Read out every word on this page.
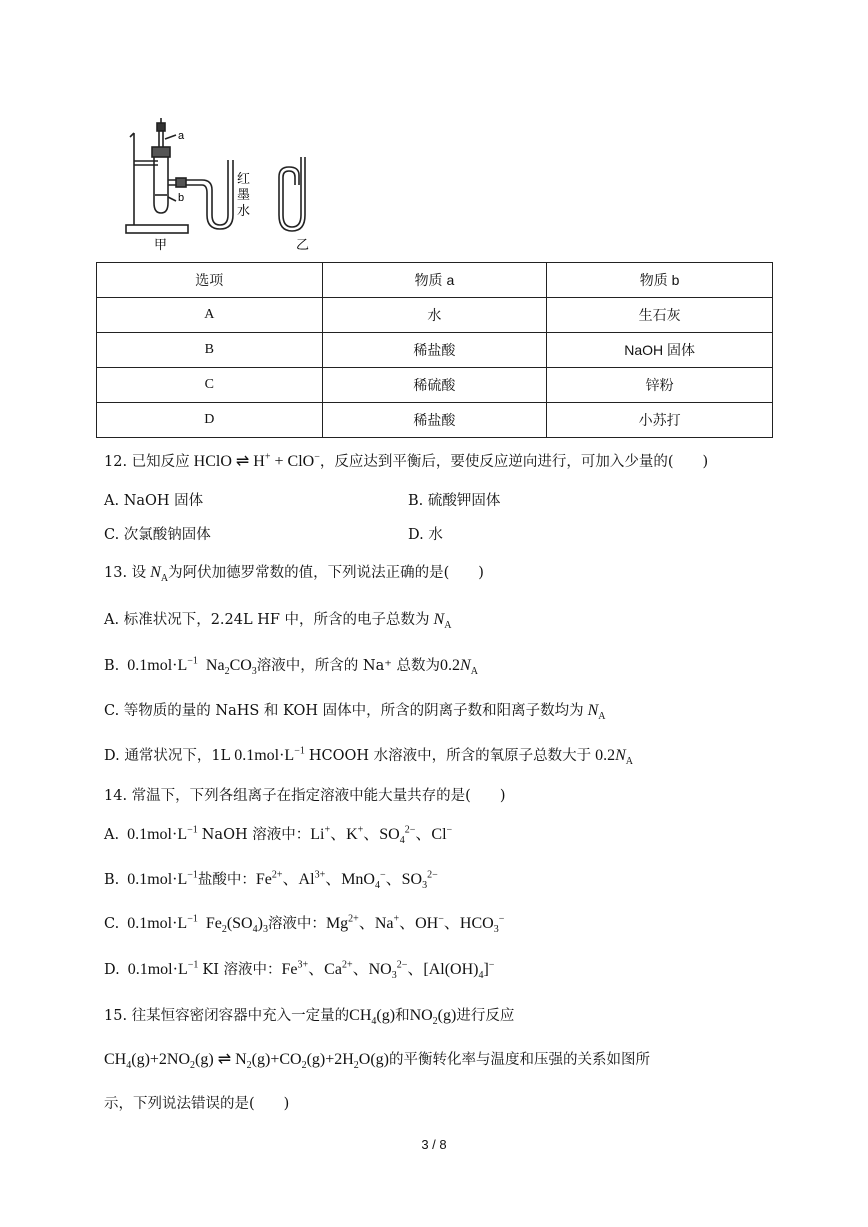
a
b
红墨水
甲	乙
选项	物质 a	物质 b
A	水	生石灰
B	稀盐酸	NaOH 固体
C	稀硫酸	锌粉
D	稀盐酸	小苏打
12. 已知反应 HClO ⇌ H+ + ClO−，反应达到平衡后，要使反应逆向进行，可加入少量的(　　)
A. NaOH 固体	B. 硫酸钾固体
C. 次氯酸钠固体	D. 水
13. 设 $N_A$为阿伏加德罗常数的值，下列说法正确的是(　　)
A. 标准状况下，2.24L HF 中，所含的电子总数为 $N_A$
B.  $0.1mol\cdot L^{-1}$  $Na_2CO_3$溶液中，所含的 Na⁺ 总数为$0.2N_A$
C. 等物质的量的 NaHS 和 KOH 固体中，所含的阴离子数和阳离子数均为 $N_A$
D. 通常状况下，1L $0.1mol\cdot L^{-1}$ HCOOH 水溶液中，所含的氧原子总数大于 $0.2N_A$
14. 常温下，下列各组离子在指定溶液中能大量共存的是(　　)
A.  $0.1mol\cdot L^{-1}$ NaOH 溶液中：Li+、K+、$SO_4^{2-}$、Cl−
B.  $0.1mol\cdot L^{-1}$盐酸中：$Fe^{2+}$、$Al^{3+}$、MnO$_4$−、$SO_3^{2-}$
C.  $0.1mol\cdot L^{-1}$  $Fe_2(SO_4)_3$溶液中：$Mg^{2+}$、Na+、OH−、$HCO_3^-$
D.  $0.1mol\cdot L^{-1}$ KI 溶液中：$Fe^{3+}$、$Ca^{2+}$、$NO_3^{2-}$、$[Al(OH)_4]^-$
15. 往某恒容密闭容器中充入一定量的$CH_4(g)$和$NO_2(g)$进行反应
$CH_4(g)+2NO_2(g)$ ⇌ $N_2(g)+CO_2(g)+2H_2O(g)$的平衡转化率与温度和压强的关系如图所
示，下列说法错误的是(　　)
3 / 8
